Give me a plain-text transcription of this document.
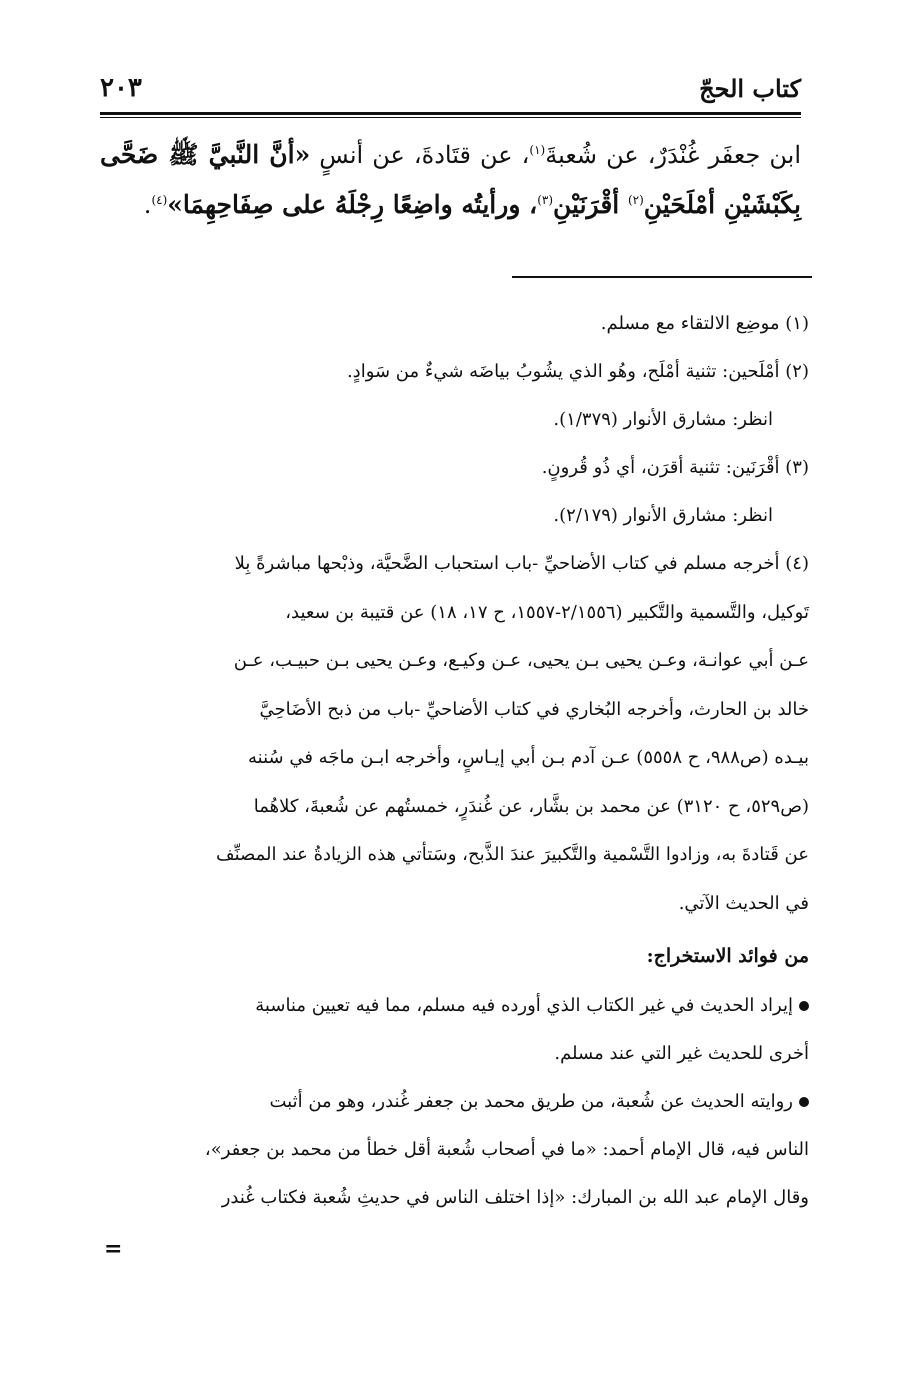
كتاب الحجّ
٢٠٣
ابن جعفَر غُنْدَرٌ، عن شُعبةَ$^{(١)}$، عن قتَادةَ، عن أنسٍ «أنَّ النَّبيَّ ﷺ ضَحَّى بِكَبْشَيْنِ أمْلَحَيْنِ$^{(٢)}$ أقْرَنَيْنِ$^{(٣)}$، ورأيتُه واضِعًا رِجْلَهُ على صِفَاحِهِمَا»$^{(٤)}$.
(١) موضِع الالتقاء مع مسلم.
(٢) أمْلَحين: تثنية أمْلَح، وهُو الذي يشُوبُ بياضَه شيءٌ من سَوادٍ.
انظر: مشارق الأنوار (١/٣٧٩).
(٣) أقْرَنَين: تثنية أقرَن، أي ذُو قُرونٍ.
انظر: مشارق الأنوار (٢/١٧٩).
(٤) أخرجه مسلم في كتاب الأضاحيِّ -باب استحباب الضَّحيَّة، وذبْحها مباشرةً بِلا
تَوكيل، والتَّسمية والتَّكبير (٢/١٥٥٦-١٥٥٧، ح ١٧، ١٨) عن قتيبة بن سعيد،
عـن أبي عوانـة، وعـن يحيى بـن يحيى، عـن وكيـع، وعـن يحيى بـن حبيـب، عـن
خالد بن الحارث، وأخرجه البُخاري في كتاب الأضاحيِّ -باب من ذبح الأضَاحِيَّ
بيـده (ص٩٨٨، ح ٥٥٥٨) عـن آدم بـن أبي إيـاسٍ، وأخرجه ابـن ماجَه في سُننه
(ص٥٢٩، ح ٣١٢٠) عن محمد بن بشَّار، عن غُندَرٍ، خمستُهم عن شُعبةَ، كلاهُما
عن قَتادةَ به، وزادوا التَّسْمية والتَّكبيرَ عندَ الذَّبح، وسَتأتي هذه الزيادةُ عند المصنِّف
في الحديث الآتي.
من فوائد الاستخراج:
إيراد الحديث في غير الكتاب الذي أورده فيه مسلم، مما فيه تعيين مناسبة
أخرى للحديث غير التي عند مسلم.
روايته الحديث عن شُعبة، من طريق محمد بن جعفر غُندر، وهو من أثبت
الناس فيه، قال الإمام أحمد: «ما في أصحاب شُعبة أقل خطأ من محمد بن جعفر»،
وقال الإمام عبد الله بن المبارك: «إذا اختلف الناس في حديثِ شُعبة فكتاب غُندر
=
